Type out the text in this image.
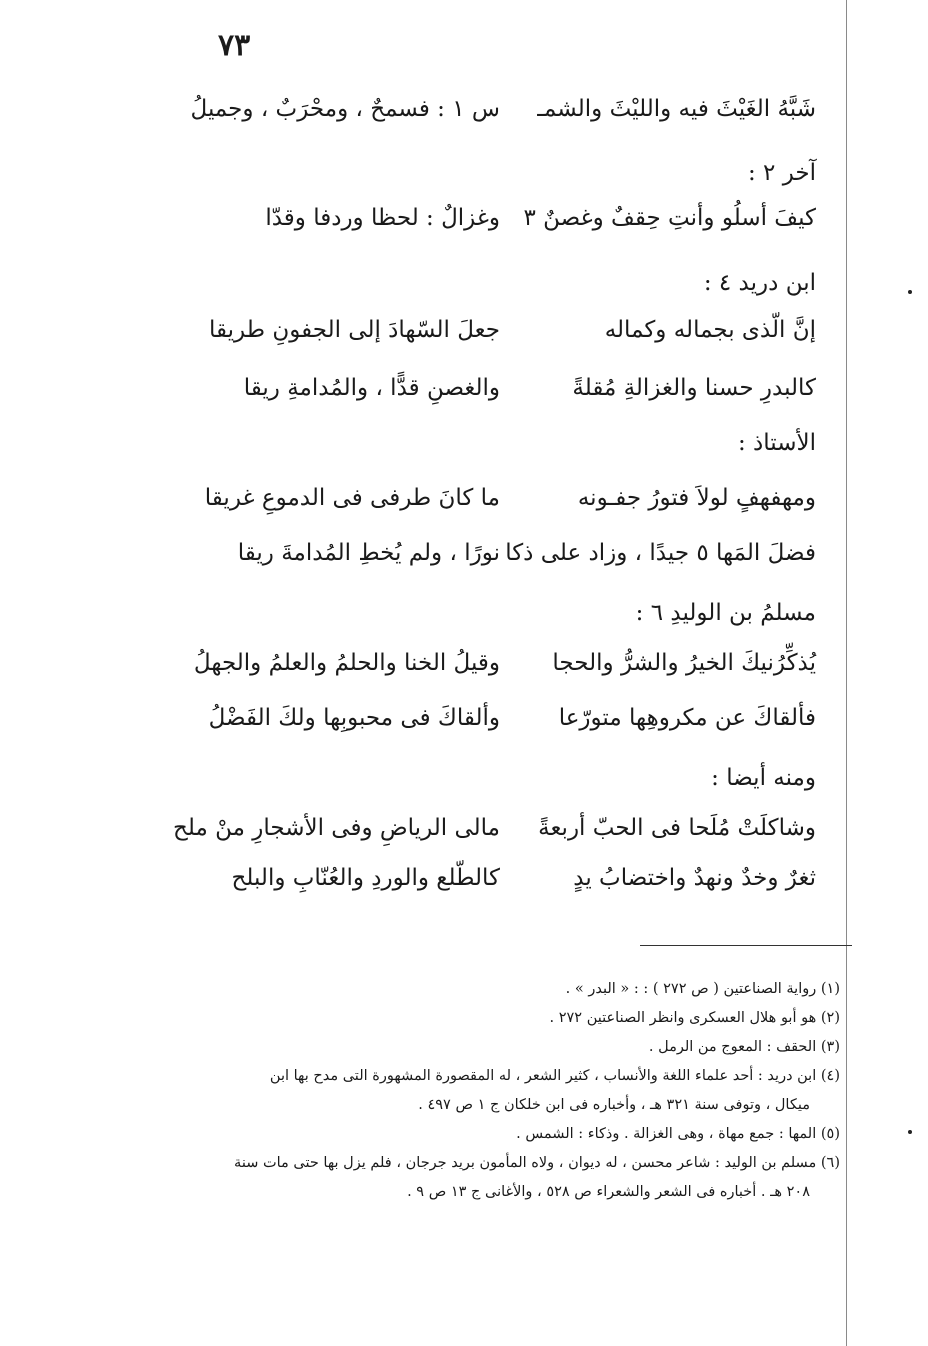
٧٣
شَبَّهُ الغَيْثَ فيه والليْثَ والشمـ
س ١ : فسمحٌ ، ومحْرَبٌ ، وجميلُ
آخر ٢ :
كيفَ أسلُو وأنتِ حِقفٌ وغصنٌ ٣
وغزالٌ : لحظا وردفا وقدّا
ابن دريد ٤ :
إنَّ الّذى بجماله وكماله
جعلَ السّهادَ إلى الجفونِ طريقا
كالبدرِ حسنا والغزالةِ مُقلةً
والغصنِ قدًّا ، والمُدامةِ ريقا
الأستاذ :
ومهفهفٍ لولاَ فتورُ جفـونه
ما كانَ طرفى فى الدموعِ غريقا
فضلَ المَها ٥ جيدًا ، وزاد على ذكا
نورًا ، ولم يُخطِ المُدامةَ ريقا
مسلمُ بن الوليدِ ٦ :
يُذكِّرُنيكَ الخيرُ والشرُّ والحجا
وقيلُ الخنا والحلمُ والعلمُ والجهلُ
فألقاكَ عن مكروهِها متورّعا
وألقاكَ فى محبوبِها ولكَ الفَضْلُ
ومنه أيضا :
وشاكلَتْ مُلَحا فى الحبّ أربعةً
مالى الرياضِ وفى الأشجارِ منْ ملح
ثغرٌ وخدٌ ونهدٌ واختضابُ يدٍ
كالطّلع والوردِ والعُنّابِ والبلح

(١) رواية الصناعتين ( ص ٢٧٢ ) : : « البدر » .

(٢) هو أبو هلال العسكرى وانظر الصناعتين ٢٧٢ .

(٣) الحقف : المعوج من الرمل .

(٤) ابن دريد : أحد علماء اللغة والأنساب ، كثير الشعر ، له المقصورة المشهورة التى مدح بها ابن

ميكال ، وتوفى سنة ٣٢١ هـ ، وأخباره فى ابن خلكان ج ١ ص ٤٩٧ .

(٥) المها : جمع مهاة ، وهى الغزالة . وذكاء : الشمس .

(٦) مسلم بن الوليد : شاعر محسن ، له ديوان ، ولاه المأمون بريد جرجان ، فلم يزل بها حتى مات سنة

٢٠٨ هـ . أخباره فى الشعر والشعراء ص ٥٢٨ ، والأغانى ج ١٣ ص ٩ .
